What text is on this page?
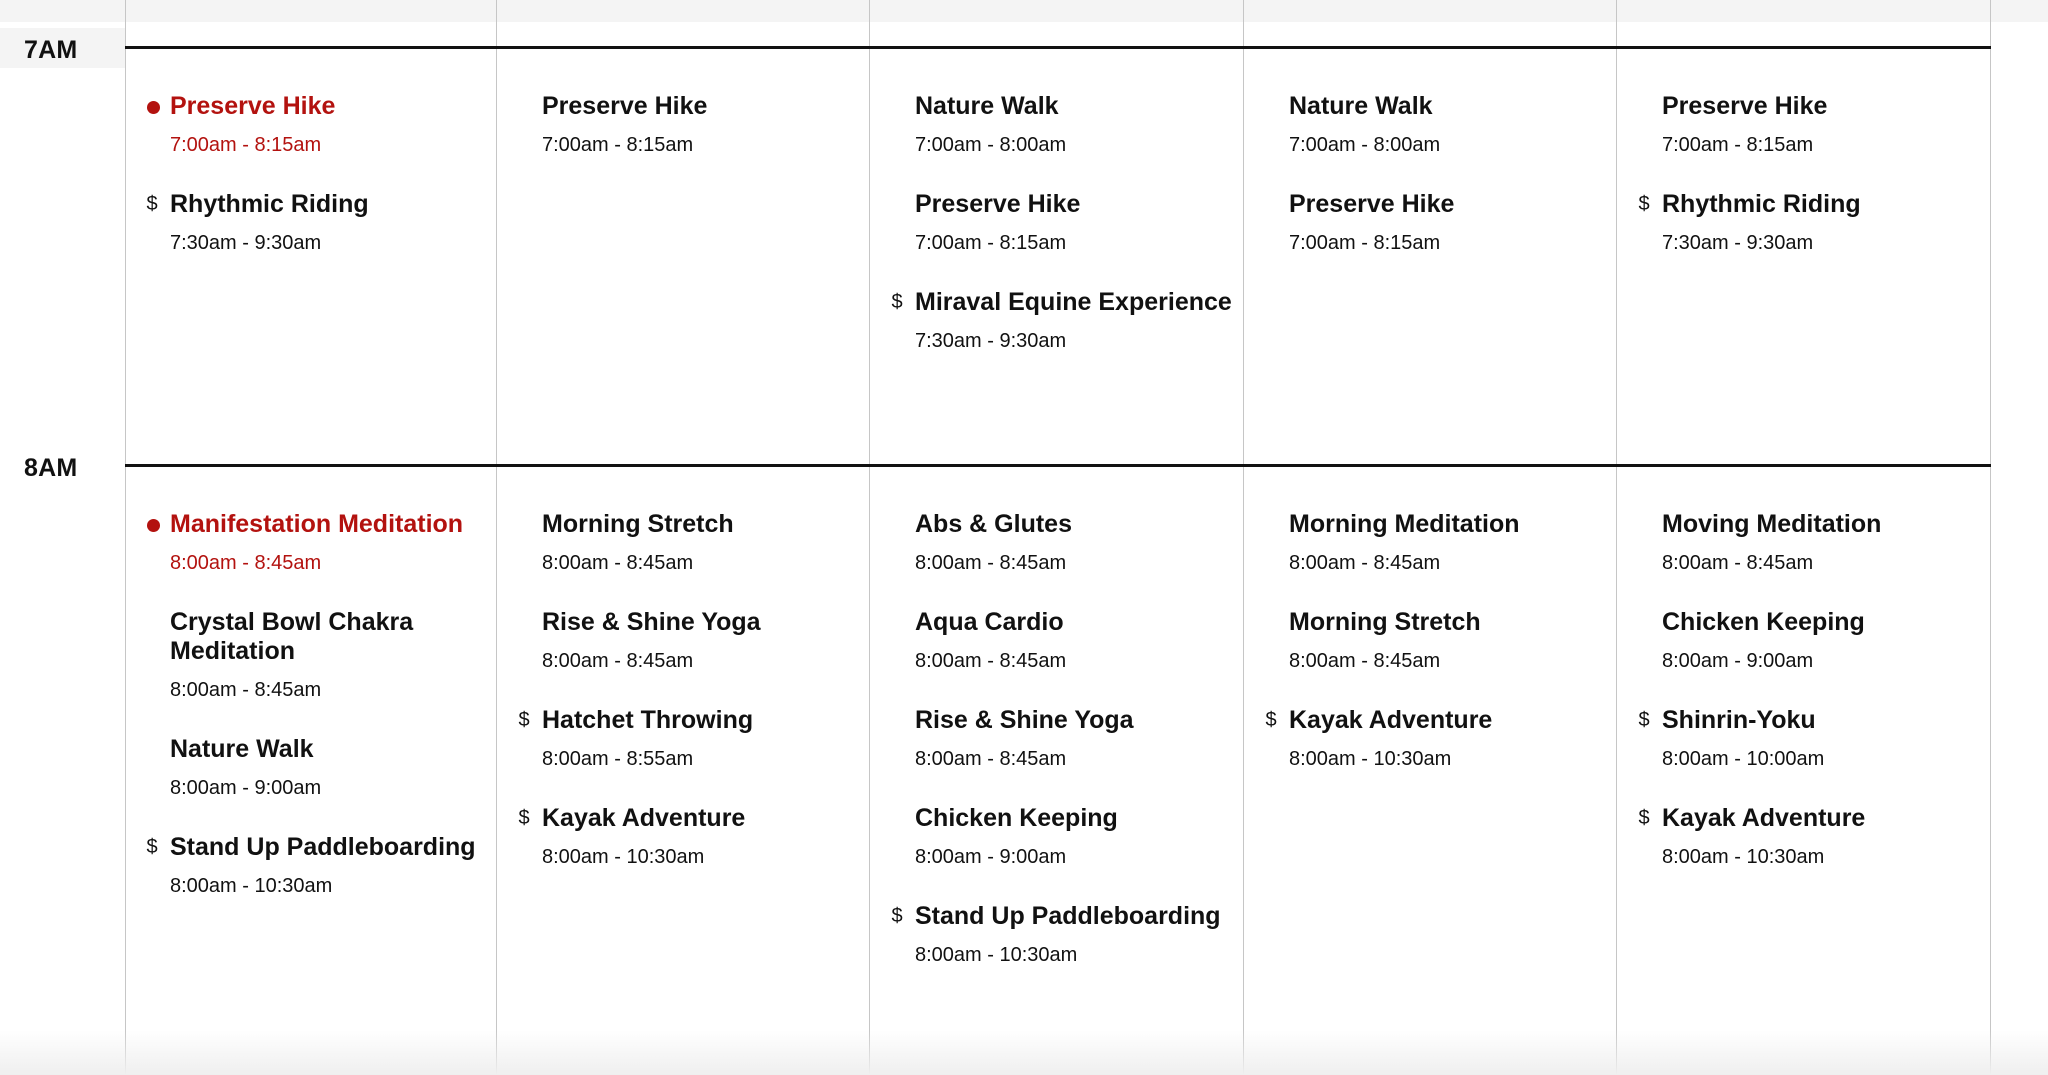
7AM
8AM
Preserve Hike
7:00am - 8:15am
$ Rhythmic Riding
7:30am - 9:30am
Preserve Hike
7:00am - 8:15am
Nature Walk
7:00am - 8:00am
Preserve Hike
7:00am - 8:15am
$ Miraval Equine Experience
7:30am - 9:30am
Nature Walk
7:00am - 8:00am
Preserve Hike
7:00am - 8:15am
Preserve Hike
7:00am - 8:15am
$ Rhythmic Riding
7:30am - 9:30am
Manifestation Meditation
8:00am - 8:45am
Crystal Bowl Chakra Meditation
8:00am - 8:45am
Nature Walk
8:00am - 9:00am
$ Stand Up Paddleboarding
8:00am - 10:30am
Morning Stretch
8:00am - 8:45am
Rise & Shine Yoga
8:00am - 8:45am
$ Hatchet Throwing
8:00am - 8:55am
$ Kayak Adventure
8:00am - 10:30am
Abs & Glutes
8:00am - 8:45am
Aqua Cardio
8:00am - 8:45am
Rise & Shine Yoga
8:00am - 8:45am
Chicken Keeping
8:00am - 9:00am
$ Stand Up Paddleboarding
8:00am - 10:30am
Morning Meditation
8:00am - 8:45am
Morning Stretch
8:00am - 8:45am
$ Kayak Adventure
8:00am - 10:30am
Moving Meditation
8:00am - 8:45am
Chicken Keeping
8:00am - 9:00am
$ Shinrin-Yoku
8:00am - 10:00am
$ Kayak Adventure
8:00am - 10:30am
